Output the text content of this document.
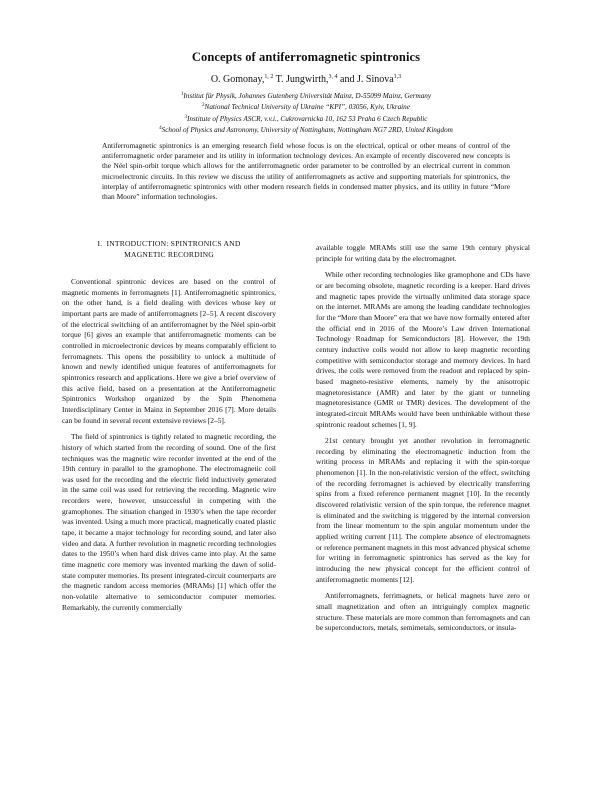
Concepts of antiferromagnetic spintronics
O. Gomonay,$^{1, 2}$ T. Jungwirth,$^{3, 4}$ and J. Sinova$^{1,3}$
$^1$Institut für Physik, Johannes Gutenberg Universität Mainz, D-55099 Mainz, Germany
$^2$National Technical University of Ukraine “KPI”, 03056, Kyiv, Ukraine
$^3$Institute of Physics ASCR, v.v.i., Cukrovarnicka 10, 162 53 Praha 6 Czech Republic
$^4$School of Physics and Astronomy, University of Nottingham, Nottingham NG7 2RD, United Kingdom
Antiferromagnetic spintronics is an emerging research field whose focus is on the electrical, optical or other means of control of the antiferromagnetic order parameter and its utility in information technology devices. An example of recently discovered new concepts is the Néel spin-orbit torque which allows for the antiferromagnetic order parameter to be controlled by an electrical current in common microelectronic circuits. In this review we discuss the utility of antiferromagnets as active and supporting materials for spintronics, the interplay of antiferromagnetic spintronics with other modern research fields in condensed matter physics, and its utility in future “More than Moore” information technologies.
I. INTRODUCTION: SPINTRONICS AND
MAGNETIC RECORDING

Conventional spintronic devices are based on the control of magnetic moments in ferromagnets [1]. Antiferromagnetic spintronics, on the other hand, is a field dealing with devices whose key or important parts are made of antiferromagnets [2–5]. A recent discovery of the electrical switching of an antiferromagnet by the Néel spin-orbit torque [6] gives an example that antiferromagnetic moments can be controlled in microelectronic devices by means comparably efficient to ferromagnets. This opens the possibility to unlock a multitude of known and newly identified unique features of antiferromagnets for spintronics research and applications. Here we give a brief overview of this active field, based on a presentation at the Antiferromagnetic Spintronics Workshop organized by the Spin Phenomena Interdisciplinary Center in Mainz in September 2016 [7]. More details can be found in several recent extensive reviews [2–5].

The field of spintronics is tightly related to magnetic recording, the history of which started from the recording of sound. One of the first techniques was the magnetic wire recorder invented at the end of the 19th century in parallel to the gramophone. The electromagnetic coil was used for the recording and the electric field inductively generated in the same coil was used for retrieving the recording. Magnetic wire recorders were, however, unsuccessful in competing with the gramophones. The situation changed in 1930’s when the tape recorder was invented. Using a much more practical, magnetically coated plastic tape, it became a major technology for recording sound, and later also video and data. A further revolution in magnetic recording technologies dates to the 1950’s when hard disk drives came into play. At the same time magnetic core memory was invented marking the dawn of solid-state computer memories. Its present integrated-circuit counterparts are the magnetic random access memories (MRAMs) [1] which offer the non-volatile alternative to semiconductor computer memories. Remarkably, the currently commercially

available toggle MRAMs still use the same 19th century physical principle for writing data by the electromagnet.

While other recording technologies like gramophone and CDs have or are becoming obsolete, magnetic recording is a keeper. Hard drives and magnetic tapes provide the virtually unlimited data storage space on the internet. MRAMs are among the leading candidate technologies for the “More than Moore” era that we have now formally entered after the official end in 2016 of the Moore’s Law driven International Technology Roadmap for Semiconductors [8]. However, the 19th century inductive coils would not allow to keep magnetic recording competitive with semiconductor storage and memory devices. In hard drives, the coils were removed from the readout and replaced by spin-based magneto-resistive elements, namely by the anisotropic magnetoresistance (AMR) and later by the giant or tunneling magnetoresistance (GMR or TMR) devices. The development of the integrated-circuit MRAMs would have been unthinkable without these spintronic readout schemes [1, 9].

21st century brought yet another revolution in ferromagnetic recording by eliminating the electromagnetic induction from the writing process in MRAMs and replacing it with the spin-torque phenomenon [1]. In the non-relativistic version of the effect, switching of the recording ferromagnet is achieved by electrically transferring spins from a fixed reference permanent magnet [10]. In the recently discovered relativistic version of the spin torque, the reference magnet is eliminated and the switching is triggered by the internal conversion from the linear momentum to the spin angular momentum under the applied writing current [11]. The complete absence of electromagnets or reference permanent magnets in this most advanced physical scheme for writing in ferromagnetic spintronics has served as the key for introducing the new physical concept for the efficient control of antiferromagnetic moments [12].

Antiferromagnets, ferrimagnets, or helical magnets have zero or small magnetization and often an intriguingly complex magnetic structure. These materials are more common than ferromagnets and can be superconductors, metals, semimetals, semiconductors, or insula-
